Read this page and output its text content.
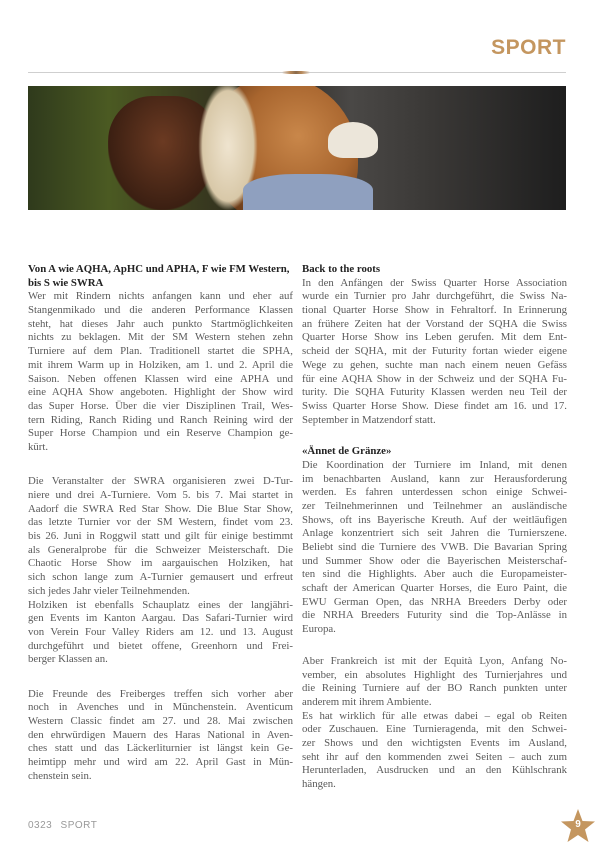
SPORT
Von A wie AQHA, ApHC und APHA, F wie FM Western,
bis S wie SWRA
Wer mit Rindern nichts anfangen kann und eher auf
Stangenmikado und die anderen Performance Klassen
steht, hat dieses Jahr auch punkto Startmöglichkeiten
nichts zu beklagen. Mit der SM Western stehen zehn
Turniere auf dem Plan. Traditionell startet die SPHA,
mit ihrem Warm up in Holziken, am 1. und 2. April die
Saison. Neben offenen Klassen wird eine APHA und
eine AQHA Show angeboten. Highlight der Show wird
das Super Horse. Über die vier Disziplinen Trail, Wes-
tern Riding, Ranch Riding und Ranch Reining wird der
Super Horse Champion und ein Reserve Champion ge-
kürt.
Die Veranstalter der SWRA organisieren zwei D-Tur-
niere und drei A-Turniere. Vom 5. bis 7. Mai startet in
Aadorf die SWRA Red Star Show. Die Blue Star Show,
das letzte Turnier vor der SM Western, findet vom 23.
bis 26. Juni in Roggwil statt und gilt für einige bestimmt
als Generalprobe für die Schweizer Meisterschaft. Die
Chaotic Horse Show im aargauischen Holziken, hat
sich schon lange zum A-Turnier gemausert und erfreut
sich jedes Jahr vieler Teilnehmenden.
Holziken ist ebenfalls Schauplatz eines der langjähri-
gen Events im Kanton Aargau. Das Safari-Turnier wird
von Verein Four Valley Riders am 12. und 13. August
durchgeführt und bietet offene, Greenhorn und Frei-
berger Klassen an.
Die Freunde des Freiberges treffen sich vorher aber
noch in Avenches und in Münchenstein. Aventicum
Western Classic findet am 27. und 28. Mai zwischen
den ehrwürdigen Mauern des Haras National in Aven-
ches statt und das Läckerliturnier ist längst kein Ge-
heimtipp mehr und wird am 22. April Gast in Mün-
chenstein sein.
Back to the roots
In den Anfängen der Swiss Quarter Horse Association
wurde ein Turnier pro Jahr durchgeführt, die Swiss Na-
tional Quarter Horse Show in Fehraltorf. In Erinnerung
an frühere Zeiten hat der Vorstand der SQHA die Swiss
Quarter Horse Show ins Leben gerufen. Mit dem Ent-
scheid der SQHA, mit der Futurity fortan wieder eigene
Wege zu gehen, suchte man nach einem neuen Gefäss
für eine AQHA Show in der Schweiz und der SQHA Fu-
turity. Die SQHA Futurity Klassen werden neu Teil der
Swiss Quarter Horse Show. Diese findet am 16. und 17.
September in Matzendorf statt.
«Ännet de Gränze»
Die Koordination der Turniere im Inland, mit denen
im benachbarten Ausland, kann zur Herausforderung
werden. Es fahren unterdessen schon einige Schwei-
zer Teilnehmerinnen und Teilnehmer an ausländische
Shows, oft ins Bayerische Kreuth. Auf der weitläufigen
Anlage konzentriert sich seit Jahren die Turnierszene.
Beliebt sind die Turniere des VWB. Die Bavarian Spring
und Summer Show oder die Bayerischen Meisterschaf-
ten sind die Highlights. Aber auch die Europameister-
schaft der American Quarter Horses, die Euro Paint, die
EWU German Open, das NRHA Breeders Derby oder
die NRHA Breeders Futurity sind die Top-Anlässe in
Europa.
Aber Frankreich ist mit der Equità Lyon, Anfang No-
vember, ein absolutes Highlight des Turnierjahres und
die Reining Turniere auf der BO Ranch punkten unter
anderem mit ihrem Ambiente.
Es hat wirklich für alle etwas dabei – egal ob Reiten
oder Zuschauen. Eine Turnieragenda, mit den Schwei-
zer Shows und den wichtigsten Events im Ausland,
seht ihr auf den kommenden zwei Seiten – auch zum
Herunterladen, Ausdrucken und an den Kühlschrank
hängen.
0323 SPORT	9
